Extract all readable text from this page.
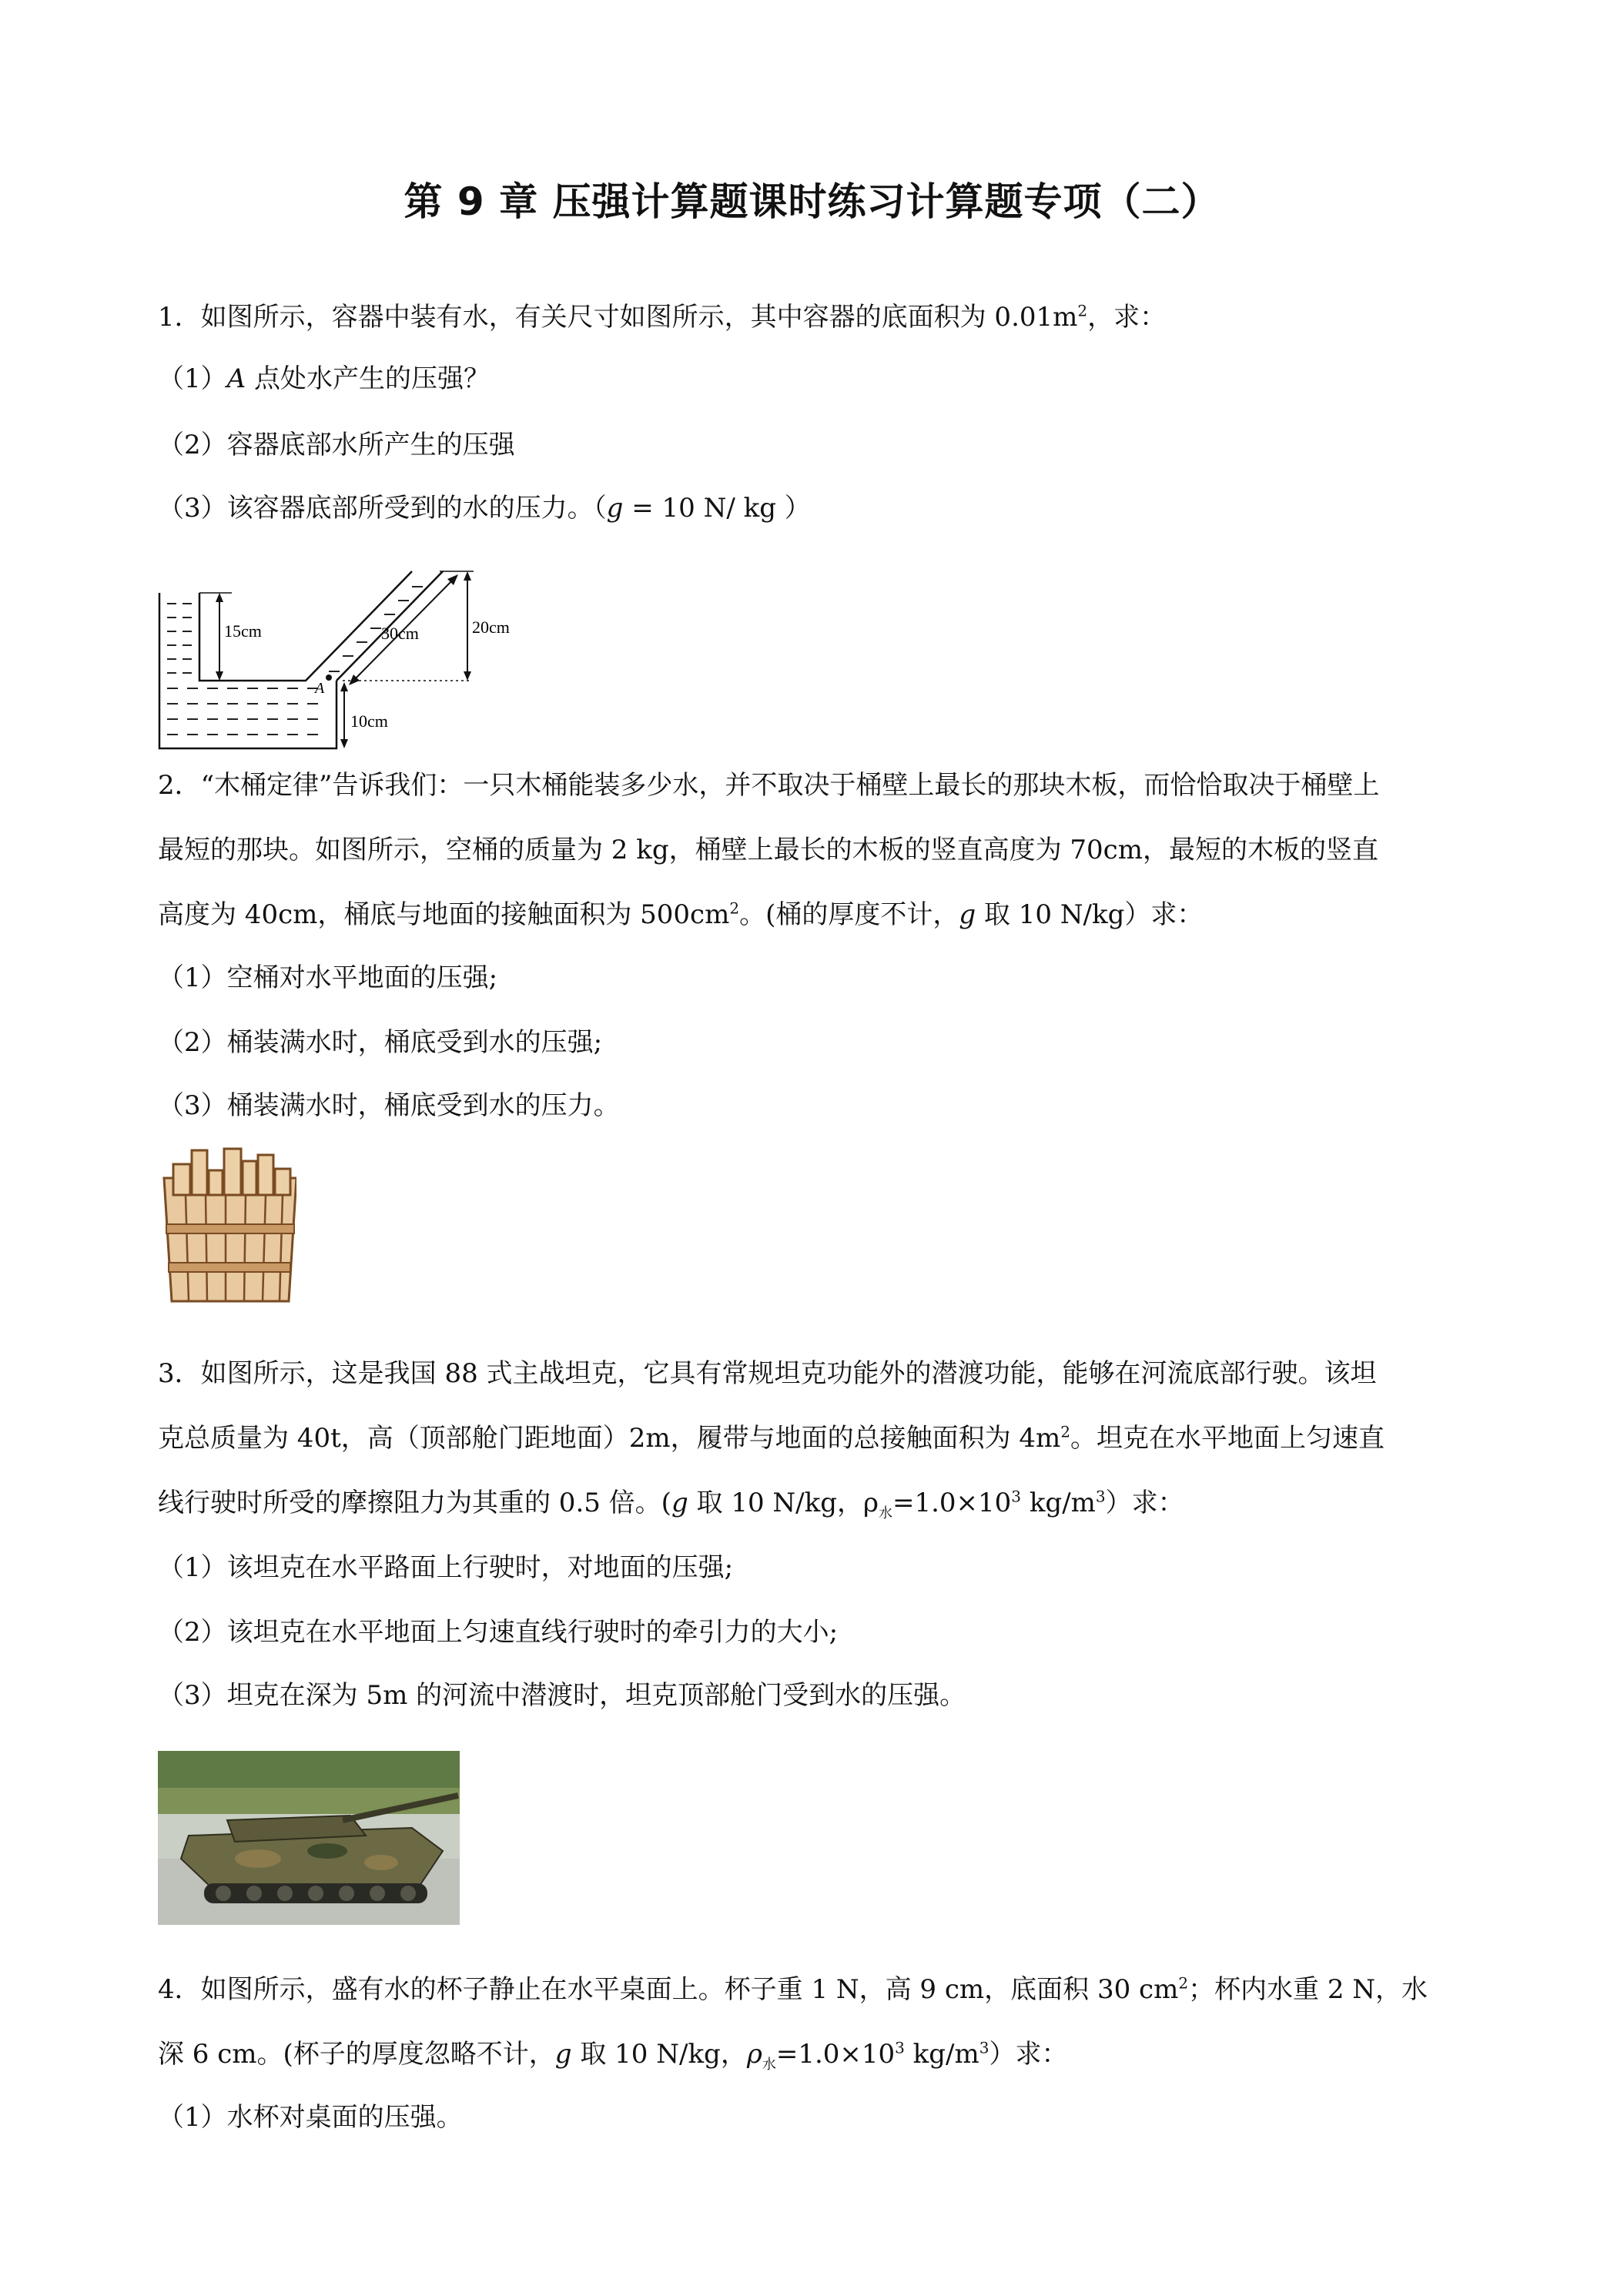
第 9 章 压强计算题课时练习计算题专项（二）
1．如图所示，容器中装有水，有关尺寸如图所示，其中容器的底面积为 $0.01m^2$，求：
（1）A 点处水产生的压强？
（2）容器底部水所产生的压强
（3）该容器底部所受到的水的压力。（g = 10 N/ kg ）
15cm	30cm	20cm
10cm
A
2．“木桶定律”告诉我们：一只木桶能装多少水，并不取决于桶壁上最长的那块木板，而恰恰取决于桶壁上
最短的那块。如图所示，空桶的质量为 2 kg，桶壁上最长的木板的竖直高度为 70cm，最短的木板的竖直
高度为 40cm，桶底与地面的接触面积为 $500cm^2$。(桶的厚度不计，g 取 10 N/kg）求：
（1）空桶对水平地面的压强;
（2）桶装满水时，桶底受到水的压强;
（3）桶装满水时，桶底受到水的压力。
3．如图所示，这是我国 88 式主战坦克，它具有常规坦克功能外的潜渡功能，能够在河流底部行驶。该坦
克总质量为 40t，高（顶部舱门距地面）2m，履带与地面的总接触面积为 $4m^2$。坦克在水平地面上匀速直
线行驶时所受的摩擦阻力为其重的 0.5 倍。(g 取 10 N/kg，$\rho_水=1.0\times 10^3$ $kg/m^3$）求：
（1）该坦克在水平路面上行驶时，对地面的压强;
（2）该坦克在水平地面上匀速直线行驶时的牵引力的大小;
（3）坦克在深为 5m 的河流中潜渡时，坦克顶部舱门受到水的压强。
4．如图所示，盛有水的杯子静止在水平桌面上。杯子重 1 N，高 9 cm，底面积 30 $cm^2$；杯内水重 2 N，水
深 6 cm。(杯子的厚度忽略不计，g 取 10 N/kg，$\rho_水=1.0\times 10^3$ $kg/m^3$）求：
（1）水杯对桌面的压强。
